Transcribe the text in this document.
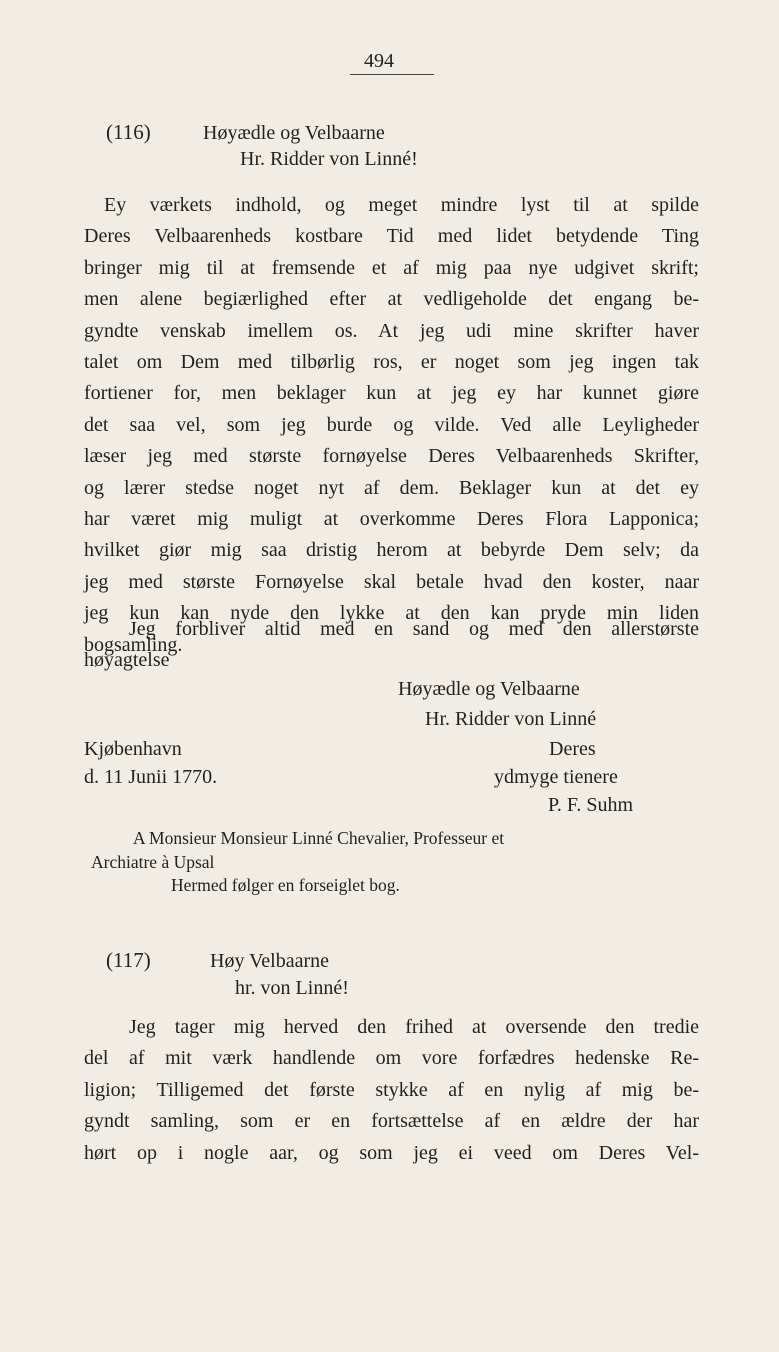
494
(116)	Høyædle og Velbaarne
Hr. Ridder von Linné!
Ey værkets indhold, og meget mindre lyst til at spilde
Deres Velbaarenheds kostbare Tid med lidet betydende Ting
bringer mig til at fremsende et af mig paa nye udgivet skrift;
men alene begiærlighed efter at vedligeholde det engang be-
gyndte venskab imellem os. At jeg udi mine skrifter haver
talet om Dem med tilbørlig ros, er noget som jeg ingen tak
fortiener for, men beklager kun at jeg ey har kunnet giøre
det saa vel, som jeg burde og vilde. Ved alle Leyligheder
læser jeg med største fornøyelse Deres Velbaarenheds Skrifter,
og lærer stedse noget nyt af dem. Beklager kun at det ey
har været mig muligt at overkomme Deres Flora Lapponica;
hvilket giør mig saa dristig herom at bebyrde Dem selv; da
jeg med største Fornøyelse skal betale hvad den koster, naar
jeg kun kan nyde den lykke at den kan pryde min liden
bogsamling.
Jeg forbliver altid med en sand og med den allerstørste
høyagtelse
Høyædle og Velbaarne
Hr. Ridder von Linné
Kjøbenhavn
d. 11 Junii 1770.
Deres
ydmyge tienere
P. F. Suhm
A Monsieur Monsieur Linné Chevalier, Professeur et
Archiatre à Upsal
Hermed følger en forseiglet bog.
(117)	Høy Velbaarne
hr. von Linné!
Jeg tager mig herved den frihed at oversende den tredie
del af mit værk handlende om vore forfædres hedenske Re-
ligion; Tilligemed det første stykke af en nylig af mig be-
gyndt samling, som er en fortsættelse af en ældre der har
hørt op i nogle aar, og som jeg ei veed om Deres Vel-
